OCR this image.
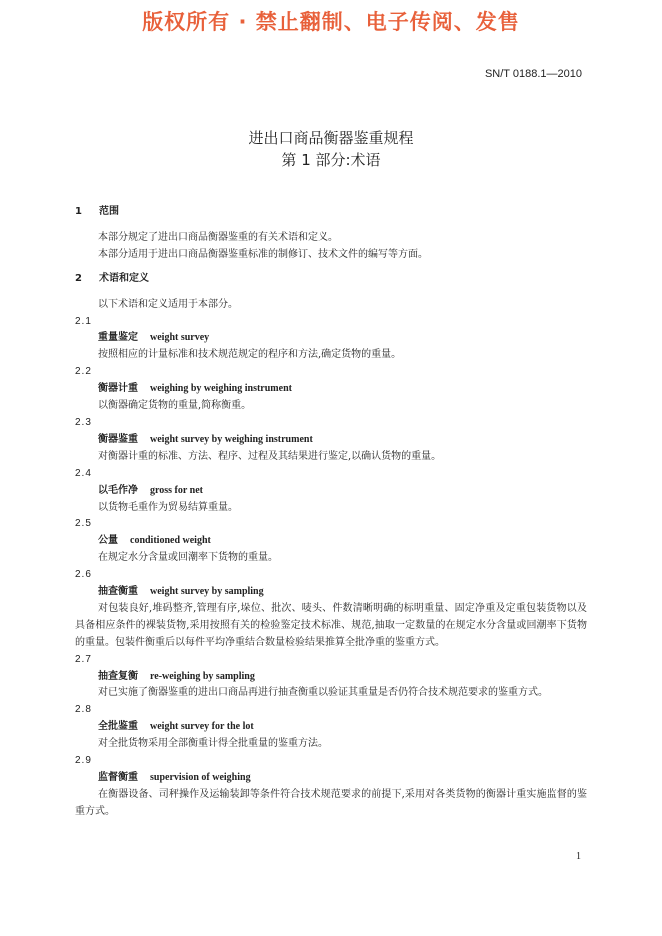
版权所有 · 禁止翻制、电子传阅、发售
SN/T 0188.1—2010
进出口商品衡器鉴重规程
第 1 部分:术语
1 范围
本部分规定了进出口商品衡器鉴重的有关术语和定义。
本部分适用于进出口商品衡器鉴重标准的制修订、技术文件的编写等方面。
2 术语和定义
以下术语和定义适用于本部分。
2.1
重量鉴定 weight survey
按照相应的计量标准和技术规范规定的程序和方法,确定货物的重量。
2.2
衡器计重 weighing by weighing instrument
以衡器确定货物的重量,简称衡重。
2.3
衡器鉴重 weight survey by weighing instrument
对衡器计重的标准、方法、程序、过程及其结果进行鉴定,以确认货物的重量。
2.4
以毛作净 gross for net
以货物毛重作为贸易结算重量。
2.5
公量 conditioned weight
在规定水分含量或回潮率下货物的重量。
2.6
抽查衡重 weight survey by sampling
对包装良好,堆码整齐,管理有序,垛位、批次、唛头、件数清晰明确的标明重量、固定净重及定重包装货物以及具备相应条件的裸装货物,采用按照有关的检验鉴定技术标准、规范,抽取一定数量的在规定水分含量或回潮率下货物的重量。包装件衡重后以每件平均净重结合数量检验结果推算全批净重的鉴重方式。
2.7
抽查复衡 re-weighing by sampling
对已实施了衡器鉴重的进出口商品再进行抽查衡重以验证其重量是否仍符合技术规范要求的鉴重方式。
2.8
全批鉴重 weight survey for the lot
对全批货物采用全部衡重计得全批重量的鉴重方法。
2.9
监督衡重 supervision of weighing
在衡器设备、司秤操作及运输装卸等条件符合技术规范要求的前提下,采用对各类货物的衡器计重实施监督的鉴重方式。
1
